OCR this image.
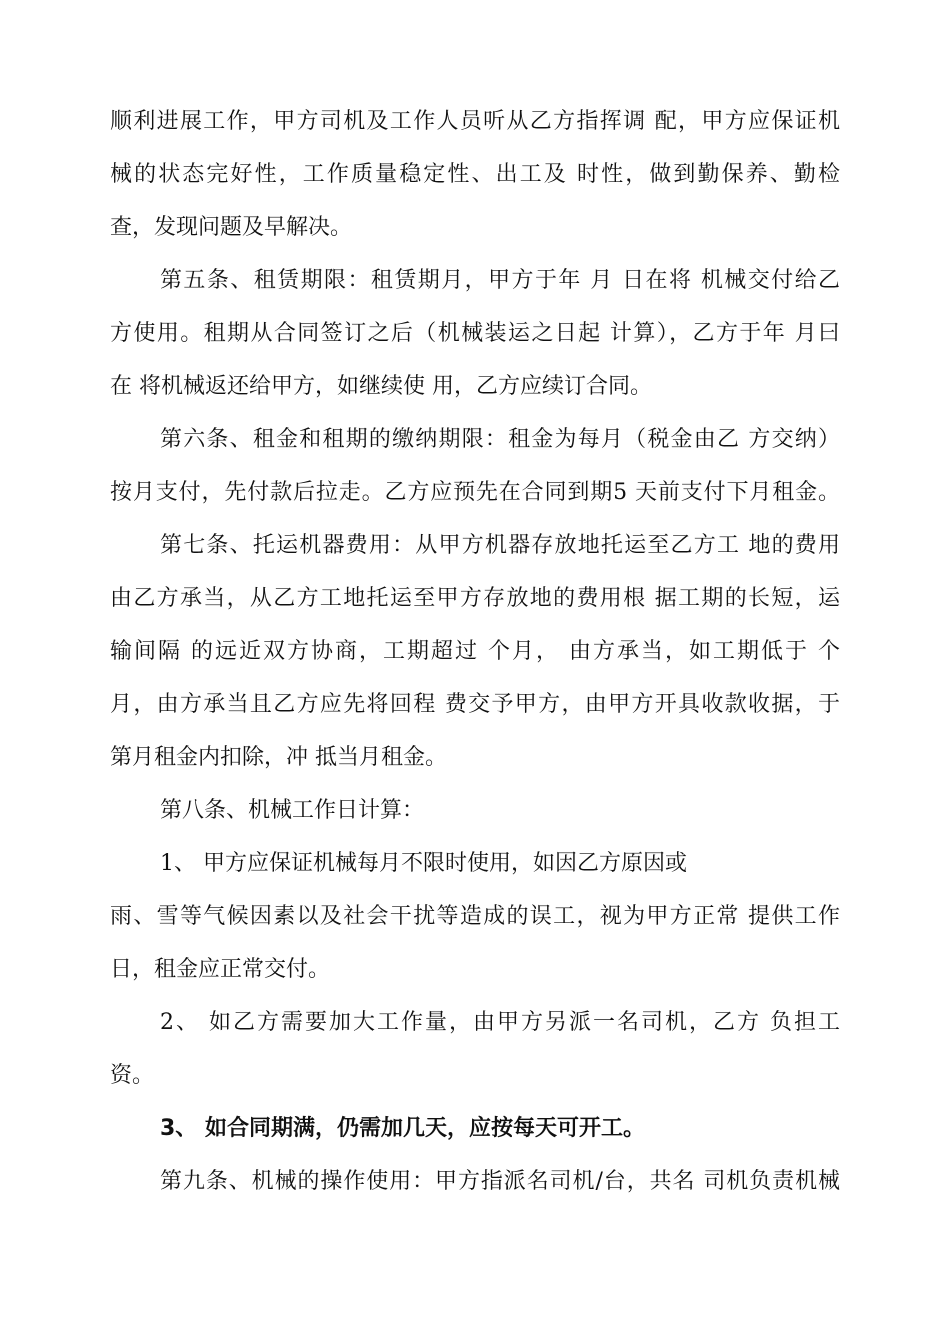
顺利进展工作，甲方司机及工作人员听从乙方指挥调 配，甲方应保证机
械的状态完好性，工作质量稳定性、出工及 时性，做到勤保养、勤检
查，发现问题及早解决。
第五条、租赁期限：租赁期月，甲方于年 月 日在将 机械交付给乙
方使用。租期从合同签订之后（机械装运之日起 计算），乙方于年 月曰
在 将机械返还给甲方，如继续使 用，乙方应续订合同。
第六条、租金和租期的缴纳期限：租金为每月（税金由乙 方交纳）
按月支付，先付款后拉走。乙方应预先在合同到期5 天前支付下月租金。
第七条、托运机器费用：从甲方机器存放地托运至乙方工 地的费用
由乙方承当，从乙方工地托运至甲方存放地的费用根 据工期的长短，运
输间隔 的远近双方协商，工期超过 个月， 由方承当，如工期低于 个
月，由方承当且乙方应先将回程 费交予甲方，由甲方开具收款收据，于
第月租金内扣除，冲 抵当月租金。
第八条、机械工作日计算：
1、 甲方应保证机械每月不限时使用，如因乙方原因或
雨、雪等气候因素以及社会干扰等造成的误工，视为甲方正常 提供工作
日，租金应正常交付。
2、 如乙方需要加大工作量，由甲方另派一名司机，乙方 负担工
资。
3、 如合同期满，仍需加几天，应按每天可开工。
第九条、机械的操作使用：甲方指派名司机/台，共名 司机负责机械
